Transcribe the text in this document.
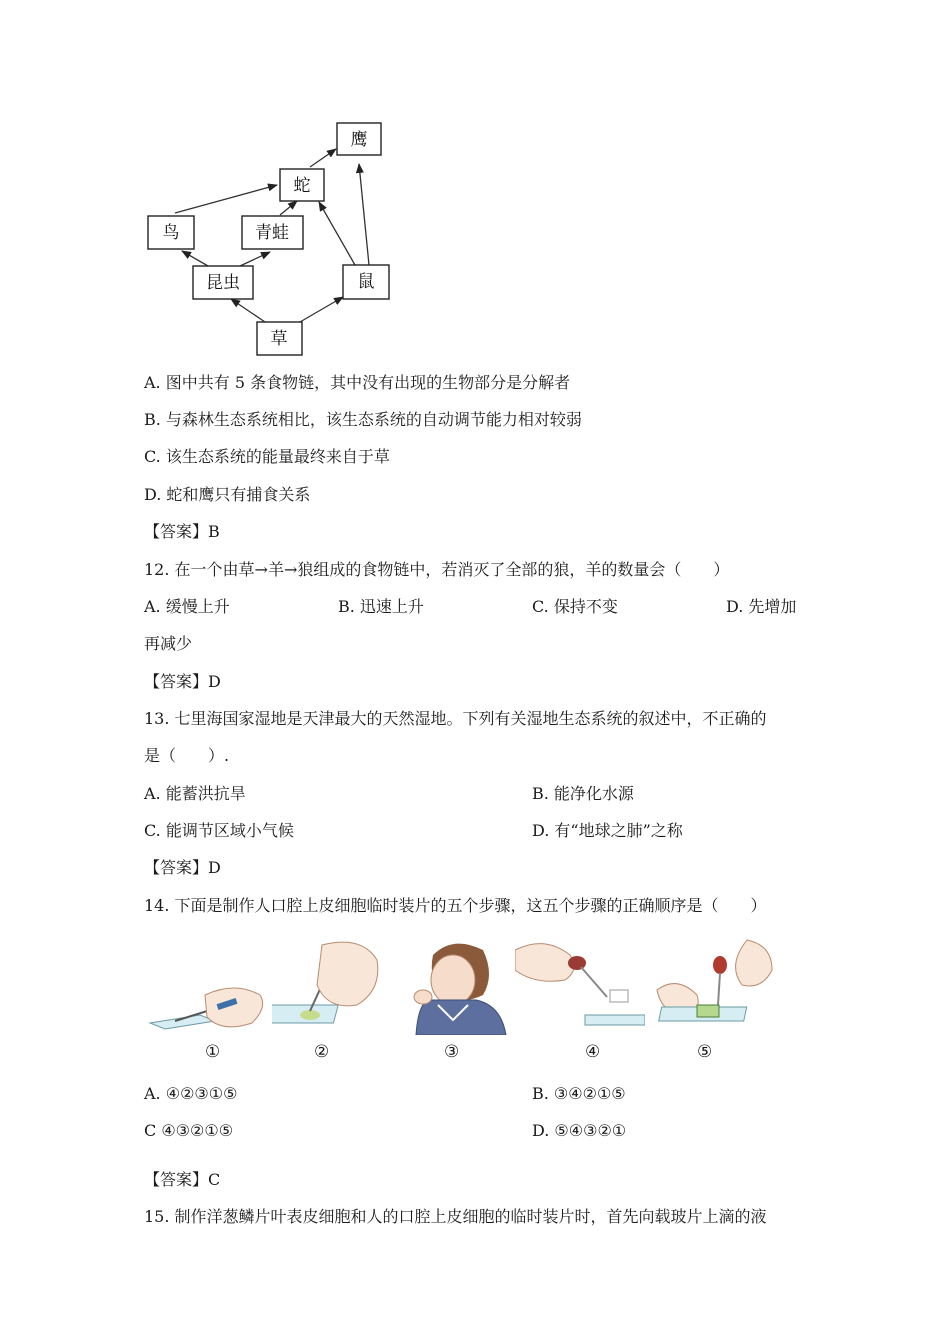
鹰
蛇
鸟	青蛙
昆虫	鼠
草
A. 图中共有 5 条食物链，其中没有出现的生物部分是分解者
B. 与森林生态系统相比，该生态系统的自动调节能力相对较弱
C. 该生态系统的能量最终来自于草
D. 蛇和鹰只有捕食关系
【答案】B
12. 在一个由草→羊→狼组成的食物链中，若消灭了全部的狼，羊的数量会（　　）
A. 缓慢上升	B. 迅速上升	C. 保持不变	D. 先增加
再减少
【答案】D
13. 七里海国家湿地是天津最大的天然湿地。下列有关湿地生态系统的叙述中，不正确的
是（　　）.
A. 能蓄洪抗旱	B. 能净化水源
C. 能调节区域小气候	D. 有“地球之肺”之称
【答案】D
14. 下面是制作人口腔上皮细胞临时装片的五个步骤，这五个步骤的正确顺序是（　　）
①	②	③	④	⑤
A. ④②③①⑤	B. ③④②①⑤
C ④③②①⑤	D. ⑤④③②①
【答案】C
15. 制作洋葱鳞片叶表皮细胞和人的口腔上皮细胞的临时装片时，首先向载玻片上滴的液
